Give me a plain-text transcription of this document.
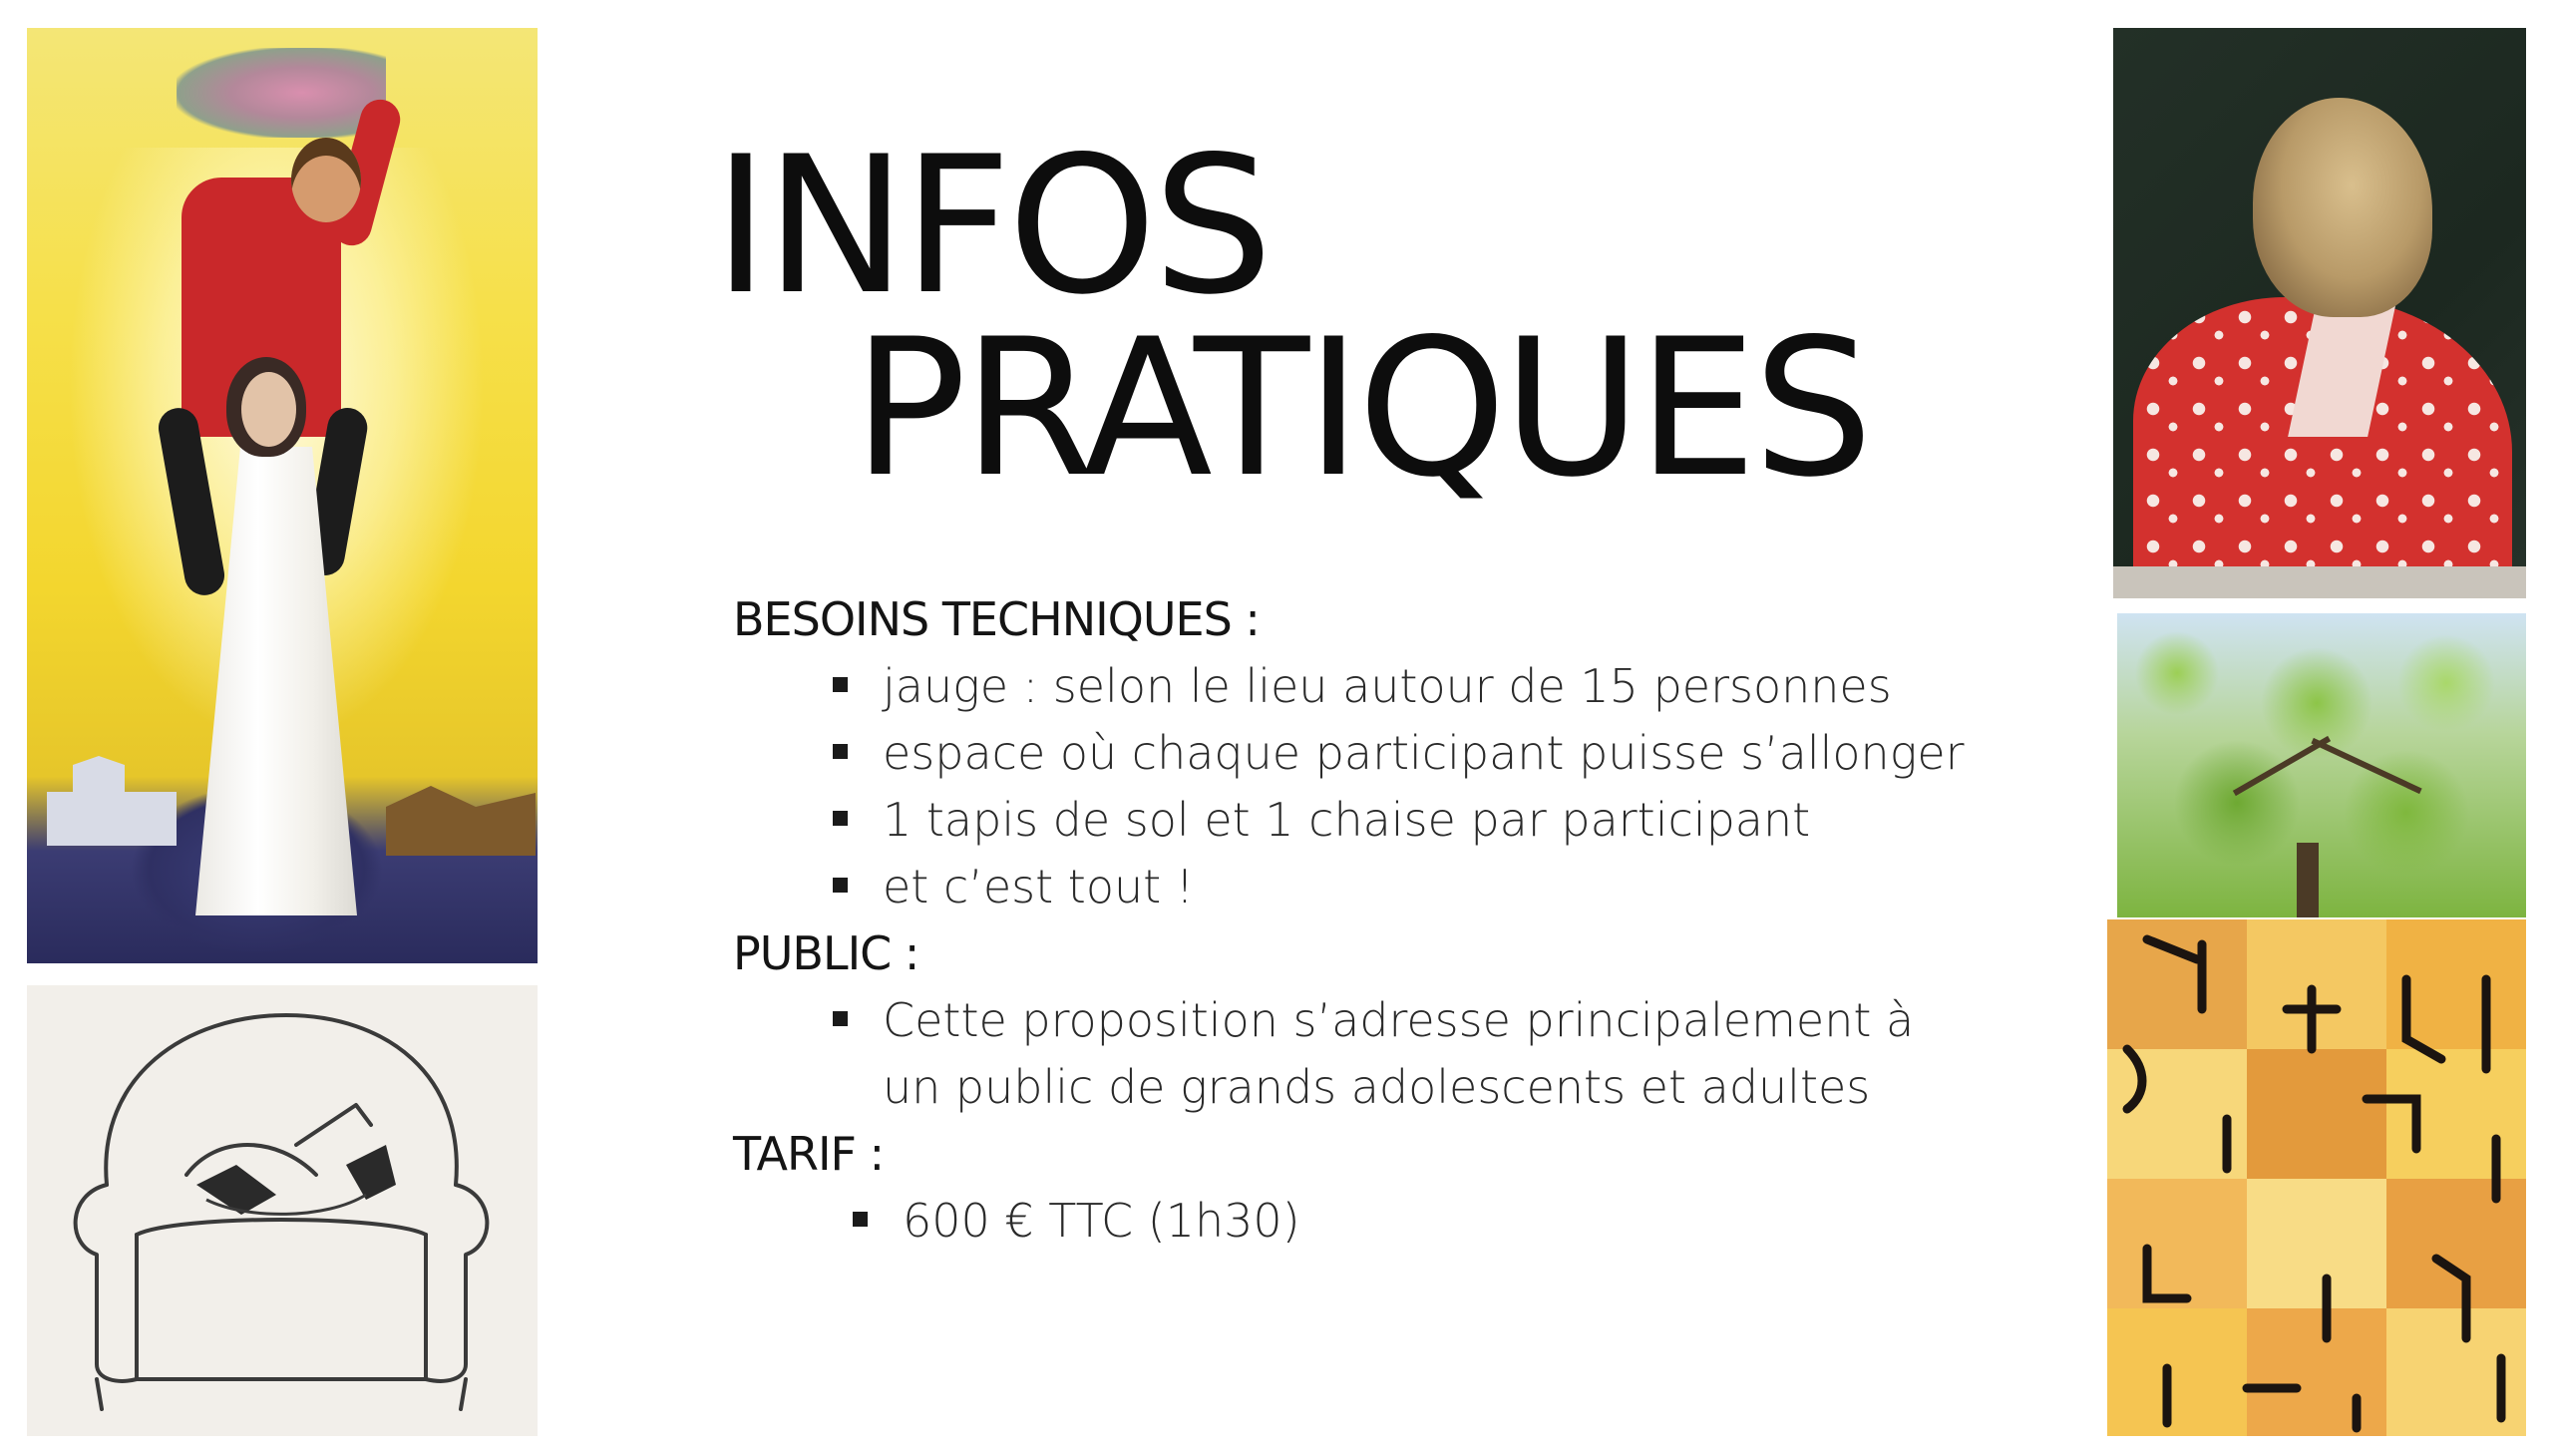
INFOS
PRATIQUES

BESOINS TECHNIQUES :

jauge : selon le lieu autour de 15 personnes
espace où chaque participant puisse s’allonger
1 tapis de sol et 1 chaise par participant
et c’est tout !

PUBLIC :

Cette proposition s’adresse principalement à un public de grands adolescents et adultes

TARIF :

600 € TTC (1h30)
